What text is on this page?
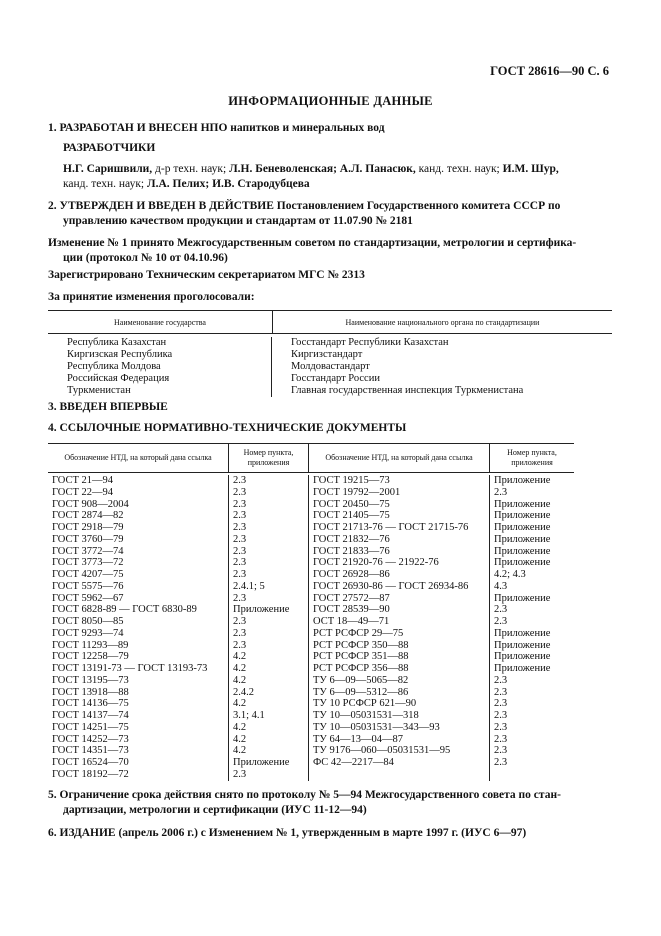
ГОСТ 28616—90 С. 6
ИНФОРМАЦИОННЫЕ ДАННЫЕ
1. РАЗРАБОТАН И ВНЕСЕН НПО напитков и минеральных вод
РАЗРАБОТЧИКИ
Н.Г. Саришвили, д-р техн. наук; Л.Н. Беневоленская; А.Л. Панасюк, канд. техн. наук; И.М. Шур,
канд. техн. наук; Л.А. Пелих; И.В. Стародубцева
2. УТВЕРЖДЕН И ВВЕДЕН В ДЕЙСТВИЕ Постановлением Государственного комитета СССР по
управлению качеством продукции и стандартам от 11.07.90 № 2181
Изменение № 1 принято Межгосударственным советом по стандартизации, метрологии и сертифика-
ции (протокол № 10 от 04.10.96)
Зарегистрировано Техническим секретариатом МГС № 2313
За принятие изменения проголосовали:
Наименование государства	Наименование национального органа по стандартизации
Республика Казахстан
Киргизская Республика
Республика Молдова
Российская Федерация
Туркменистан
Госстандарт Республики Казахстан
Киргизстандарт
Молдовастандарт
Госстандарт России
Главная государственная инспекция Туркменистана
3. ВВЕДЕН ВПЕРВЫЕ
4. ССЫЛОЧНЫЕ НОРМАТИВНО-ТЕХНИЧЕСКИЕ ДОКУМЕНТЫ
Обозначение НТД, на который дана ссылка
Номер пункта, приложения
Обозначение НТД, на который дана ссылка
Номер пункта, приложения
ГОСТ 21—94
ГОСТ 22—94
ГОСТ 908—2004
ГОСТ 2874—82
ГОСТ 2918—79
ГОСТ 3760—79
ГОСТ 3772—74
ГОСТ 3773—72
ГОСТ 4207—75
ГОСТ 5575—76
ГОСТ 5962—67
ГОСТ 6828-89 — ГОСТ 6830-89
ГОСТ 8050—85
ГОСТ 9293—74
ГОСТ 11293—89
ГОСТ 12258—79
ГОСТ 13191-73 — ГОСТ 13193-73
ГОСТ 13195—73
ГОСТ 13918—88
ГОСТ 14136—75
ГОСТ 14137—74
ГОСТ 14251—75
ГОСТ 14252—73
ГОСТ 14351—73
ГОСТ 16524—70
ГОСТ 18192—72
2.3
2.3
2.3
2.3
2.3
2.3
2.3
2.3
2.3
2.4.1; 5
2.3
Приложение
2.3
2.3
2.3
4.2
4.2
4.2
2.4.2
4.2
3.1; 4.1
4.2
4.2
4.2
Приложение
2.3
ГОСТ 19215—73
ГОСТ 19792—2001
ГОСТ 20450—75
ГОСТ 21405—75
ГОСТ 21713-76 — ГОСТ 21715-76
ГОСТ 21832—76
ГОСТ 21833—76
ГОСТ 21920-76 — 21922-76
ГОСТ 26928—86
ГОСТ 26930-86 — ГОСТ 26934-86
ГОСТ 27572—87
ГОСТ 28539—90
ОСТ 18—49—71
РСТ РСФСР 29—75
РСТ РСФСР 350—88
РСТ РСФСР 351—88
РСТ РСФСР 356—88
ТУ 6—09—5065—82
ТУ 6—09—5312—86
ТУ 10 РСФСР 621—90
ТУ 10—05031531—318
ТУ 10—05031531—343—93
ТУ 64—13—04—87
ТУ 9176—060—05031531—95
ФС 42—2217—84
Приложение
2.3
Приложение
Приложение
Приложение
Приложение
Приложение
Приложение
4.2; 4.3
4.3
Приложение
2.3
2.3
Приложение
Приложение
Приложение
Приложение
2.3
2.3
2.3
2.3
2.3
2.3
2.3
2.3
5. Ограничение срока действия снято по протоколу № 5—94 Межгосударственного совета по стан-
дартизации, метрологии и сертификации (ИУС 11-12—94)
6. ИЗДАНИЕ (апрель 2006 г.) с Изменением № 1, утвержденным в марте 1997 г. (ИУС 6—97)
